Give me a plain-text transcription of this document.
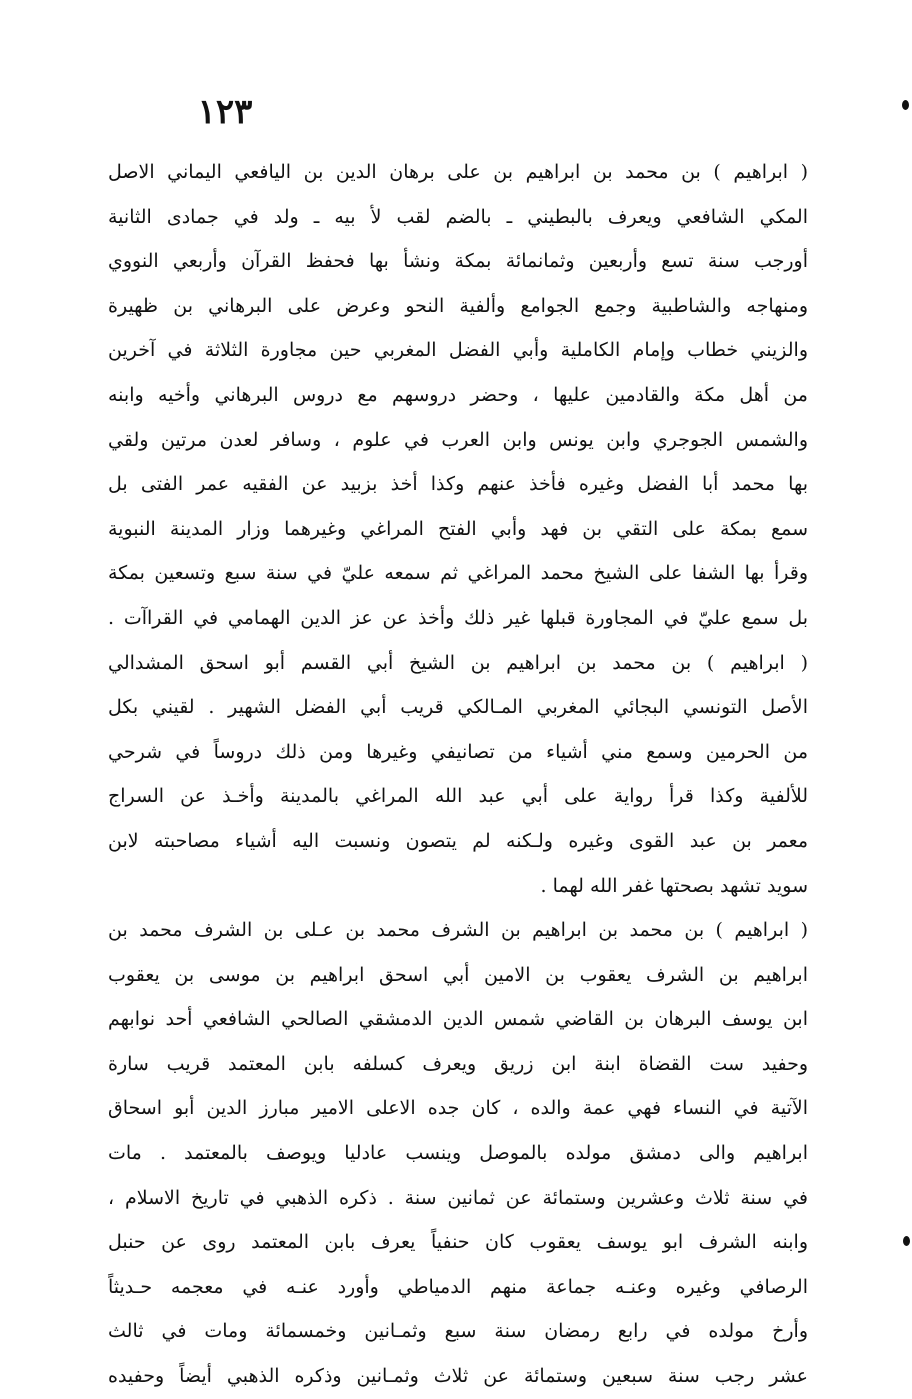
١٢٣
( ابراهيم ) بن محمد بن ابراهيم بن على برهان الدين بن اليافعي اليماني الاصل
المكي الشافعي ويعرف بالبطيني ـ بالضم لقب لأ بيه ـ ولد في جمادى الثانية
أورجب سنة تسع وأربعين وثمانمائة بمكة ونشأ بها فحفظ القرآن وأربعي النووي
ومنهاجه والشاطبية وجمع الجوامع وألفية النحو وعرض على البرهاني بن ظهيرة
والزيني خطاب وإمام الكاملية وأبي الفضل المغربي حين مجاورة الثلاثة في آخرين
من أهل مكة والقادمين عليها ، وحضر دروسهم مع دروس البرهاني وأخيه وابنه
والشمس الجوجري وابن يونس وابن العرب في علوم ، وسافر لعدن مرتين ولقي
بها محمد أبا الفضل وغيره فأخذ عنهم وكذا أخذ بزبيد عن الفقيه عمر الفتى بل
سمع بمكة على التقي بن فهد وأبي الفتح المراغي وغيرهما وزار المدينة النبوية
وقرأ بها الشفا على الشيخ محمد المراغي ثم سمعه عليّ في سنة سبع وتسعين بمكة
بل سمع عليّ في المجاورة قبلها غير ذلك وأخذ عن عز الدين الهمامي في القراآت .
( ابراهيم ) بن محمد بن ابراهيم بن الشيخ أبي القسم أبو اسحق المشدالي
الأصل التونسي البجائي المغربي المـالكي قريب أبي الفضل الشهير . لقيني بكل
من الحرمين وسمع مني أشياء من تصانيفي وغيرها ومن ذلك دروساً في شرحي
للألفية وكذا قرأ رواية على أبي عبد الله المراغي بالمدينة وأخـذ عن السراج
معمر بن عبد القوى وغيره ولـكنه لم يتصون ونسبت اليه أشياء مصاحبته لابن
سويد تشهد بصحتها غفر الله لهما .
( ابراهيم ) بن محمد بن ابراهيم بن الشرف محمد بن عـلى بن الشرف محمد بن
ابراهيم بن الشرف يعقوب بن الامين أبي اسحق ابراهيم بن موسى بن يعقوب
ابن يوسف البرهان بن القاضي شمس الدين الدمشقي الصالحي الشافعي أحد نوابهم
وحفيد ست القضاة ابنة ابن زريق ويعرف كسلفه بابن المعتمد قريب سارة
الآتية في النساء فهي عمة والده ، كان جده الاعلى الامير مبارز الدين أبو اسحاق
ابراهيم والى دمشق مولده بالموصل وينسب عادليا ويوصف بالمعتمد . مات
في سنة ثلاث وعشرين وستمائة عن ثمانين سنة . ذكره الذهبي في تاريخ الاسلام ،
وابنه الشرف ابو يوسف يعقوب كان حنفياً يعرف بابن المعتمد روى عن حنبل
الرصافي وغيره وعنـه جماعة منهم الدمياطي وأورد عنـه في معجمه حـديثاً
وأرخ مولده في رابع رمضان سنة سبع وثمـانين وخمسمائة ومات في ثالث
عشر رجب سنة سبعين وستمائة عن ثلاث وثمـانين وذكره الذهبي أيضاً وحفيده
